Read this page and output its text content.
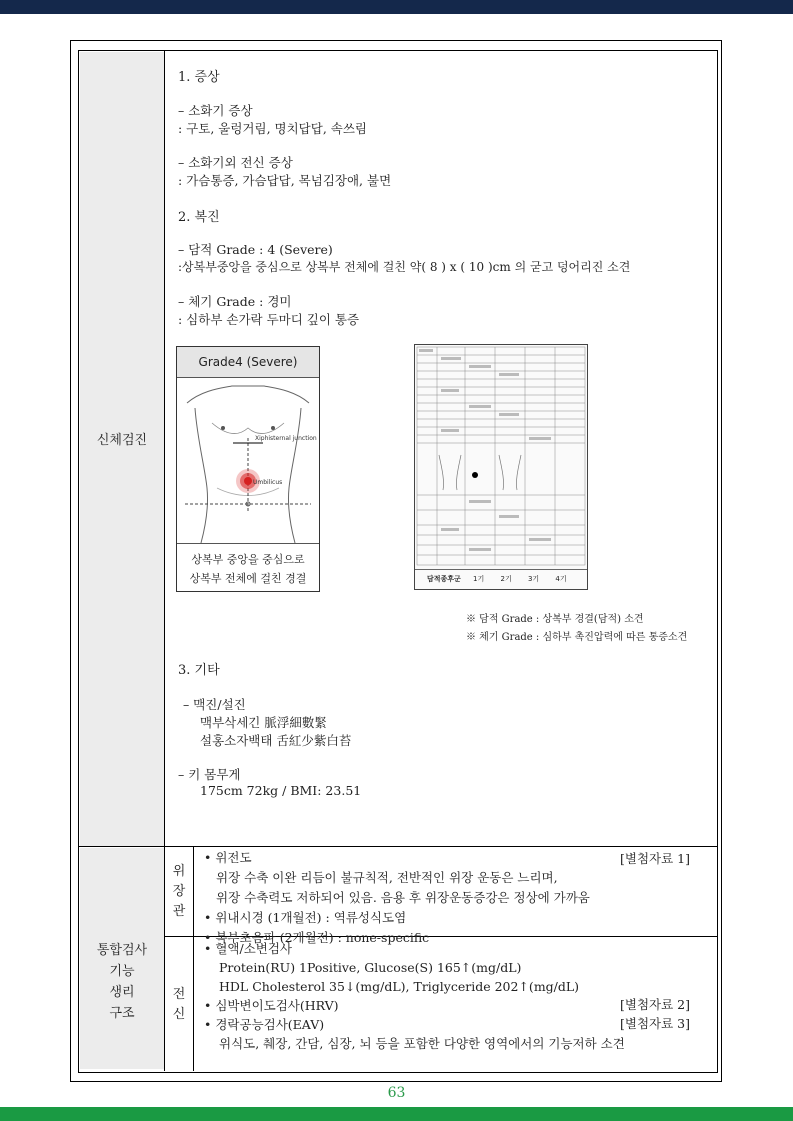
신체검진
통합검사
기능
생리
구조
1. 증상
– 소화기 증상
: 구토, 울렁거림, 명치답답, 속쓰림
– 소화기외 전신 증상
: 가슴통증, 가슴답답, 목넘김장애, 불면
2. 복진
– 담적 Grade : 4 (Severe)
:상복부중앙을 중심으로 상복부 전체에 걸친 약( 8 ) x ( 10 )cm 의 굳고 덩어리진 소견
– 체기 Grade : 경미
: 심하부 손가락 두마디 깊이 통증
Grade4 (Severe)
Xiphisternal junction
Umbilicus
상복부 중앙을 중심으로
상복부 전체에 걸친 경결	담적종후군 1기 2기 3기 4기
※ 담적 Grade : 상복부 경결(담적) 소견
※ 체기 Grade : 심하부 촉진압력에 따른 통증소견
3. 기타
– 맥진/설진
맥부삭세긴 脈浮細數緊
설홍소자백태 舌紅少紫白苔
– 키 몸무게
175cm 72kg / BMI: 23.51
위
장
관
• 위전도
위장 수축 이완 리듬이 불규칙적, 전반적인 위장 운동은 느리며,
위장 수축력도 저하되어 있음. 음용 후 위장운동증강은 정상에 가까움
• 위내시경 (1개월전) : 역류성식도염
• 복부초음파 (2개월전) : none-specific
[별첨자료 1]
전
신
• 혈액/소변검사
Protein(RU) 1Positive, Glucose(S) 165↑(mg/dL)
HDL Cholesterol 35↓(mg/dL), Triglyceride 202↑(mg/dL)
• 심박변이도검사(HRV)
• 경락공능검사(EAV)
위식도, 췌장, 간담, 심장, 뇌 등을 포함한 다양한 영역에서의 기능저하 소견
[별첨자료 2]
[별첨자료 3]
63
